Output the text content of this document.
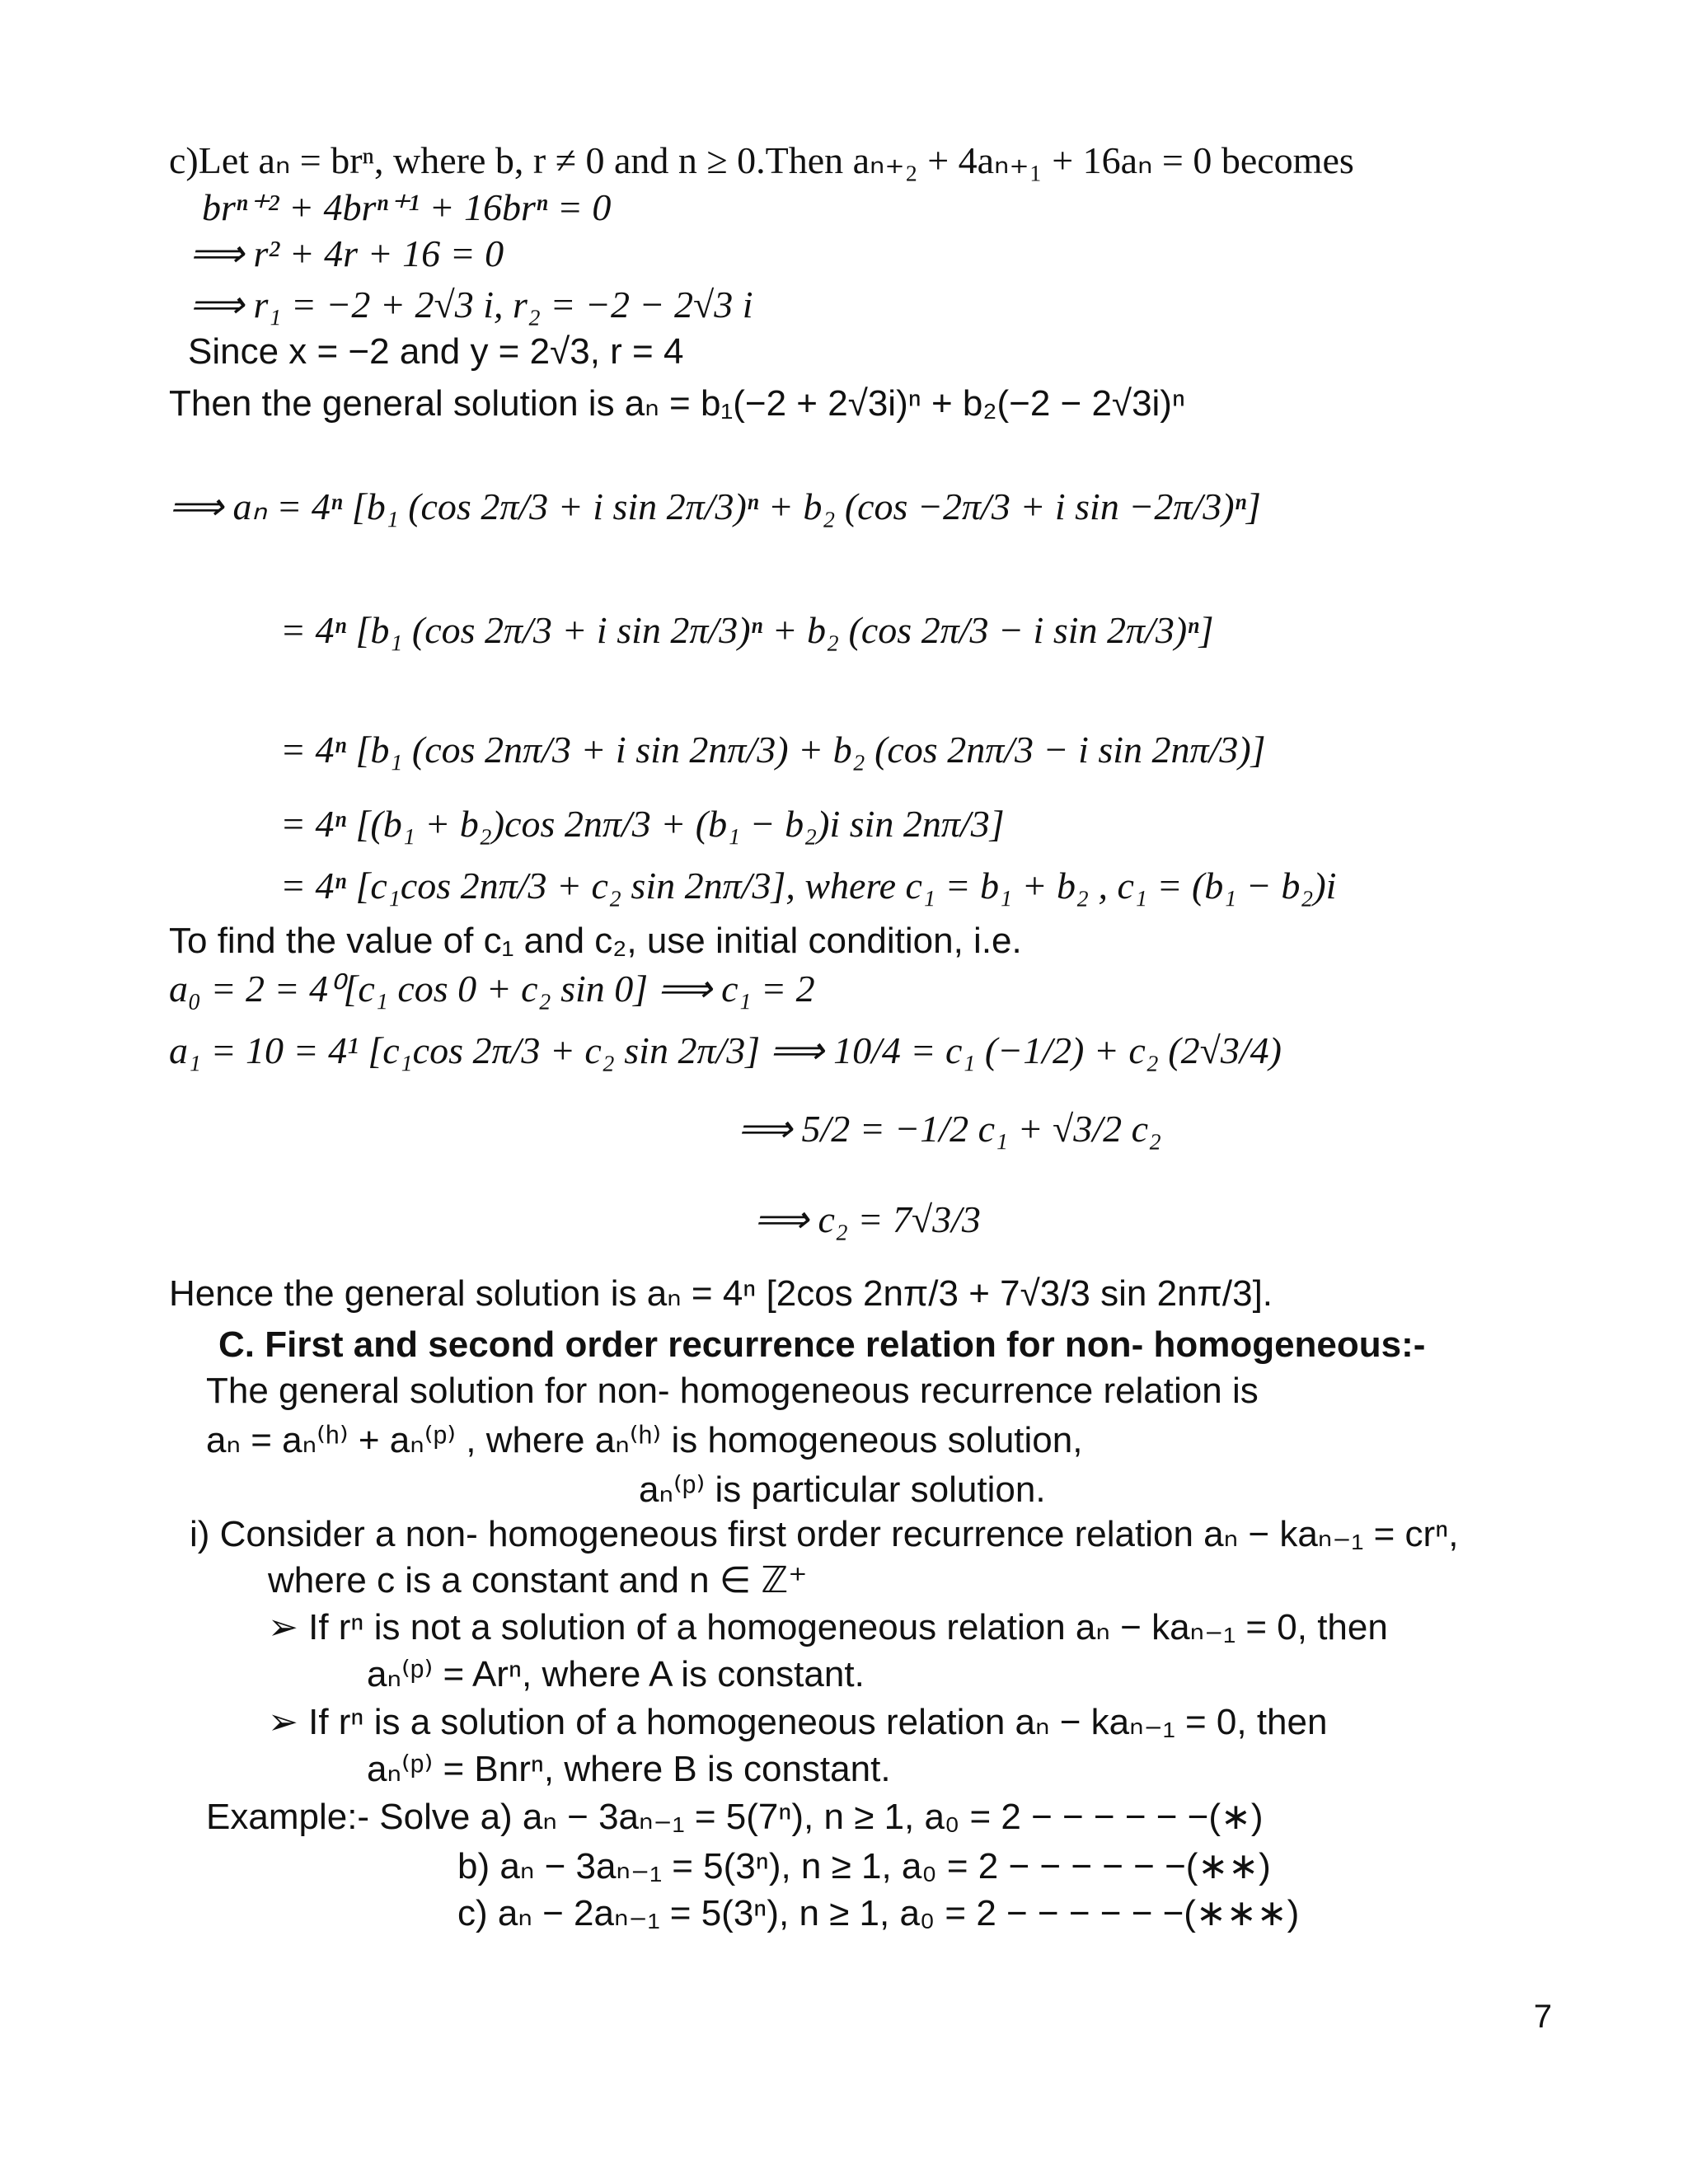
c)Let aₙ = brⁿ, where b, r ≠ 0 and n ≥ 0.Then aₙ₊₂ + 4aₙ₊₁ + 16aₙ = 0 becomes
brⁿ⁺² + 4brⁿ⁺¹ + 16brⁿ = 0
⟹ r² + 4r + 16 = 0
⟹ r₁ = −2 + 2√3 i, r₂ = −2 − 2√3 i
Since x = −2 and y = 2√3, r = 4
Then the general solution is aₙ = b₁(−2 + 2√3i)ⁿ + b₂(−2 − 2√3i)ⁿ
⟹ aₙ = 4ⁿ [b₁ (cos 2π/3 + i sin 2π/3)ⁿ + b₂ (cos −2π/3 + i sin −2π/3)ⁿ]
= 4ⁿ [b₁ (cos 2π/3 + i sin 2π/3)ⁿ + b₂ (cos 2π/3 − i sin 2π/3)ⁿ]
= 4ⁿ [b₁ (cos 2nπ/3 + i sin 2nπ/3) + b₂ (cos 2nπ/3 − i sin 2nπ/3)]
= 4ⁿ [(b₁ + b₂)cos 2nπ/3 + (b₁ − b₂)i sin 2nπ/3]
= 4ⁿ [c₁cos 2nπ/3 + c₂ sin 2nπ/3], where c₁ = b₁ + b₂ , c₁ = (b₁ − b₂)i
To find the value of c₁ and c₂, use initial condition, i.e.
a₀ = 2 = 4⁰[c₁ cos 0 + c₂ sin 0] ⟹ c₁ = 2
a₁ = 10 = 4¹ [c₁cos 2π/3 + c₂ sin 2π/3] ⟹ 10/4 = c₁ (−1/2) + c₂ (2√3/4)
⟹ 5/2 = −1/2 c₁ + √3/2 c₂
⟹ c₂ = 7√3/3
Hence the general solution is aₙ = 4ⁿ [2cos 2nπ/3 + 7√3/3 sin 2nπ/3].
C. First and second order recurrence relation for non- homogeneous:-
The general solution for non- homogeneous recurrence relation is
aₙ = aₙ⁽ʰ⁾ + aₙ⁽ᵖ⁾ , where aₙ⁽ʰ⁾ is homogeneous solution,
aₙ⁽ᵖ⁾ is particular solution.
i) Consider a non- homogeneous first order recurrence relation aₙ − kaₙ₋₁ = crⁿ,
where c is a constant and n ∈ ℤ⁺
➢ If rⁿ is not a solution of a homogeneous relation aₙ − kaₙ₋₁ = 0, then
aₙ⁽ᵖ⁾ = Arⁿ, where A is constant.
➢ If rⁿ is a solution of a homogeneous relation aₙ − kaₙ₋₁ = 0, then
aₙ⁽ᵖ⁾ = Bnrⁿ, where B is constant.
Example:- Solve a) aₙ − 3aₙ₋₁ = 5(7ⁿ), n ≥ 1, a₀ = 2 − − − − − −(∗)
b) aₙ − 3aₙ₋₁ = 5(3ⁿ), n ≥ 1, a₀ = 2 − − − − − −(∗∗)
c) aₙ − 2aₙ₋₁ = 5(3ⁿ), n ≥ 1, a₀ = 2 − − − − − −(∗∗∗)
7
